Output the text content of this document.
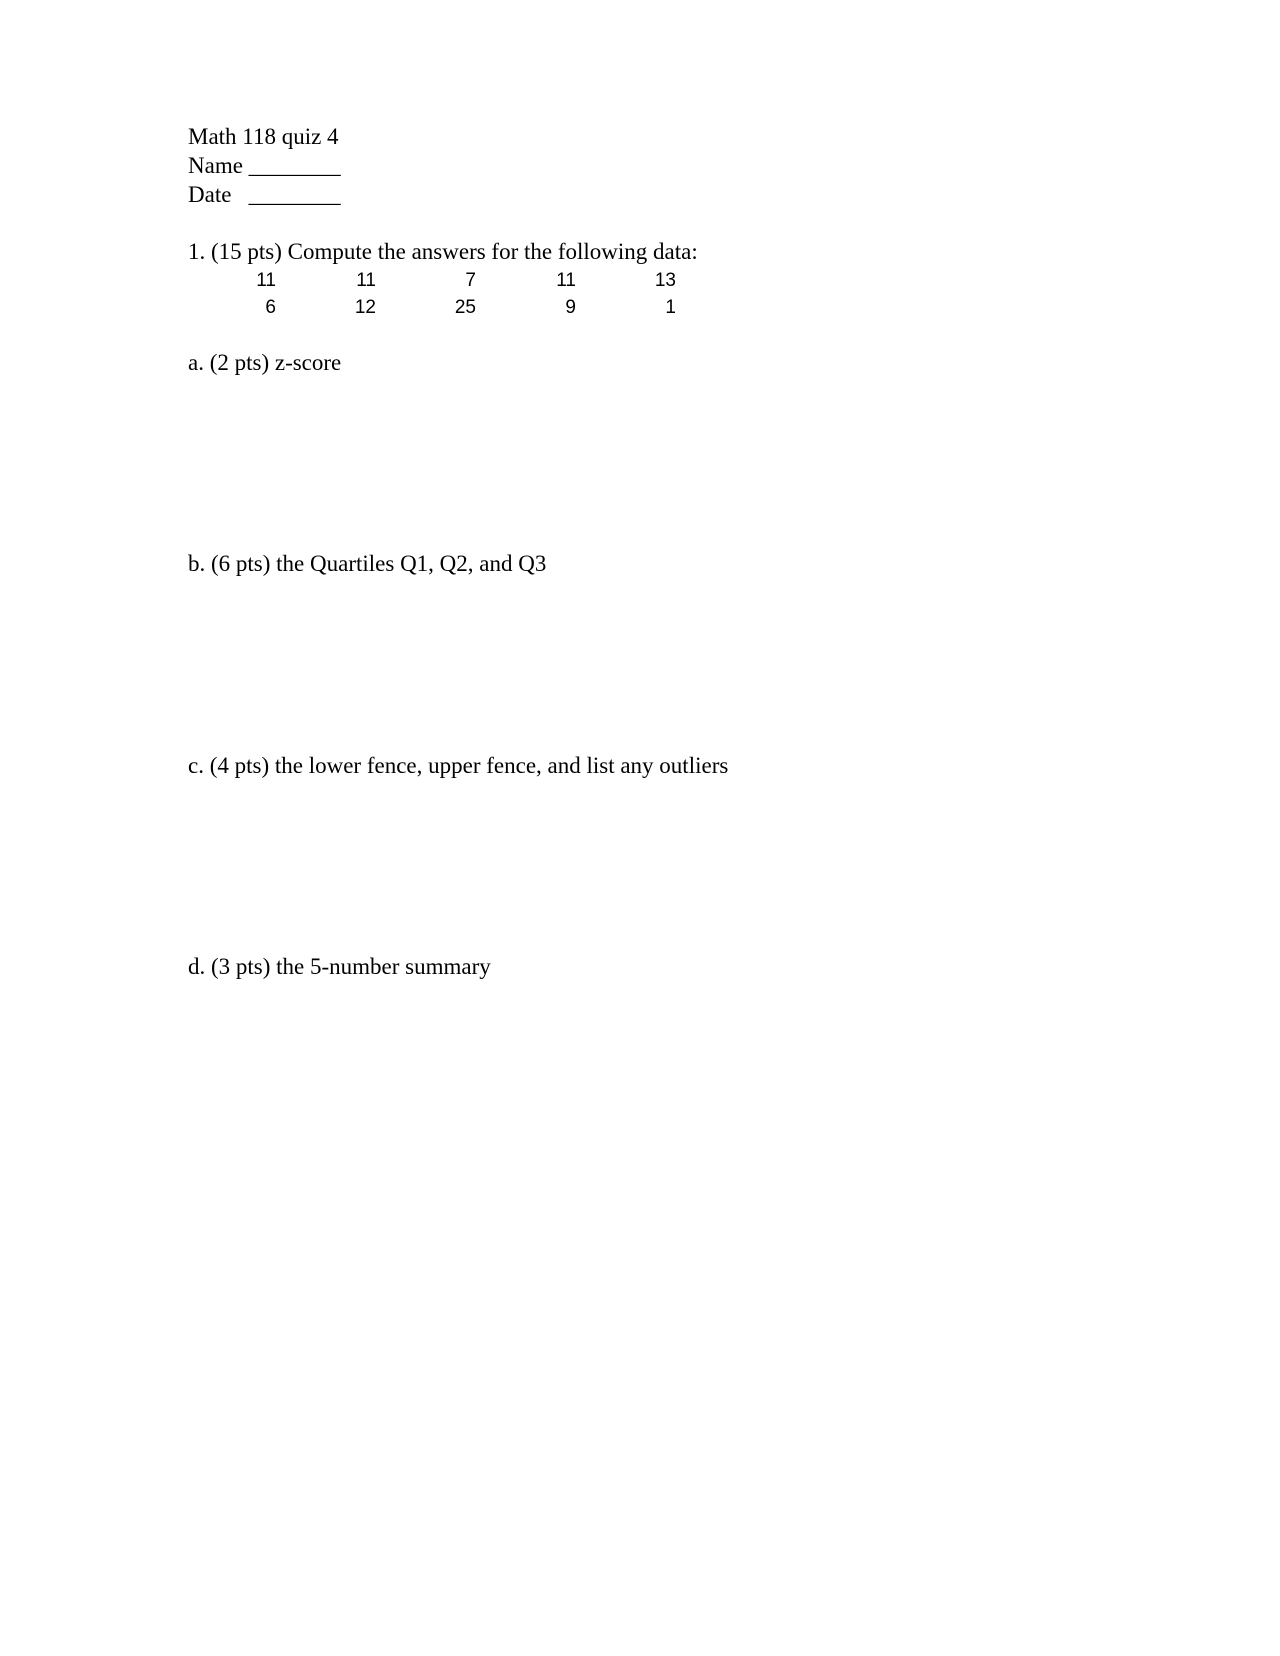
Math 118 quiz 4
Name ________
Date   ________
1. (15 pts) Compute the answers for the following data:
11	11	7	11	13
6	12	25	9	1
a. (2 pts) z-score
b. (6 pts) the Quartiles Q1, Q2, and Q3
c. (4 pts) the lower fence, upper fence, and list any outliers
d. (3 pts) the 5-number summary
